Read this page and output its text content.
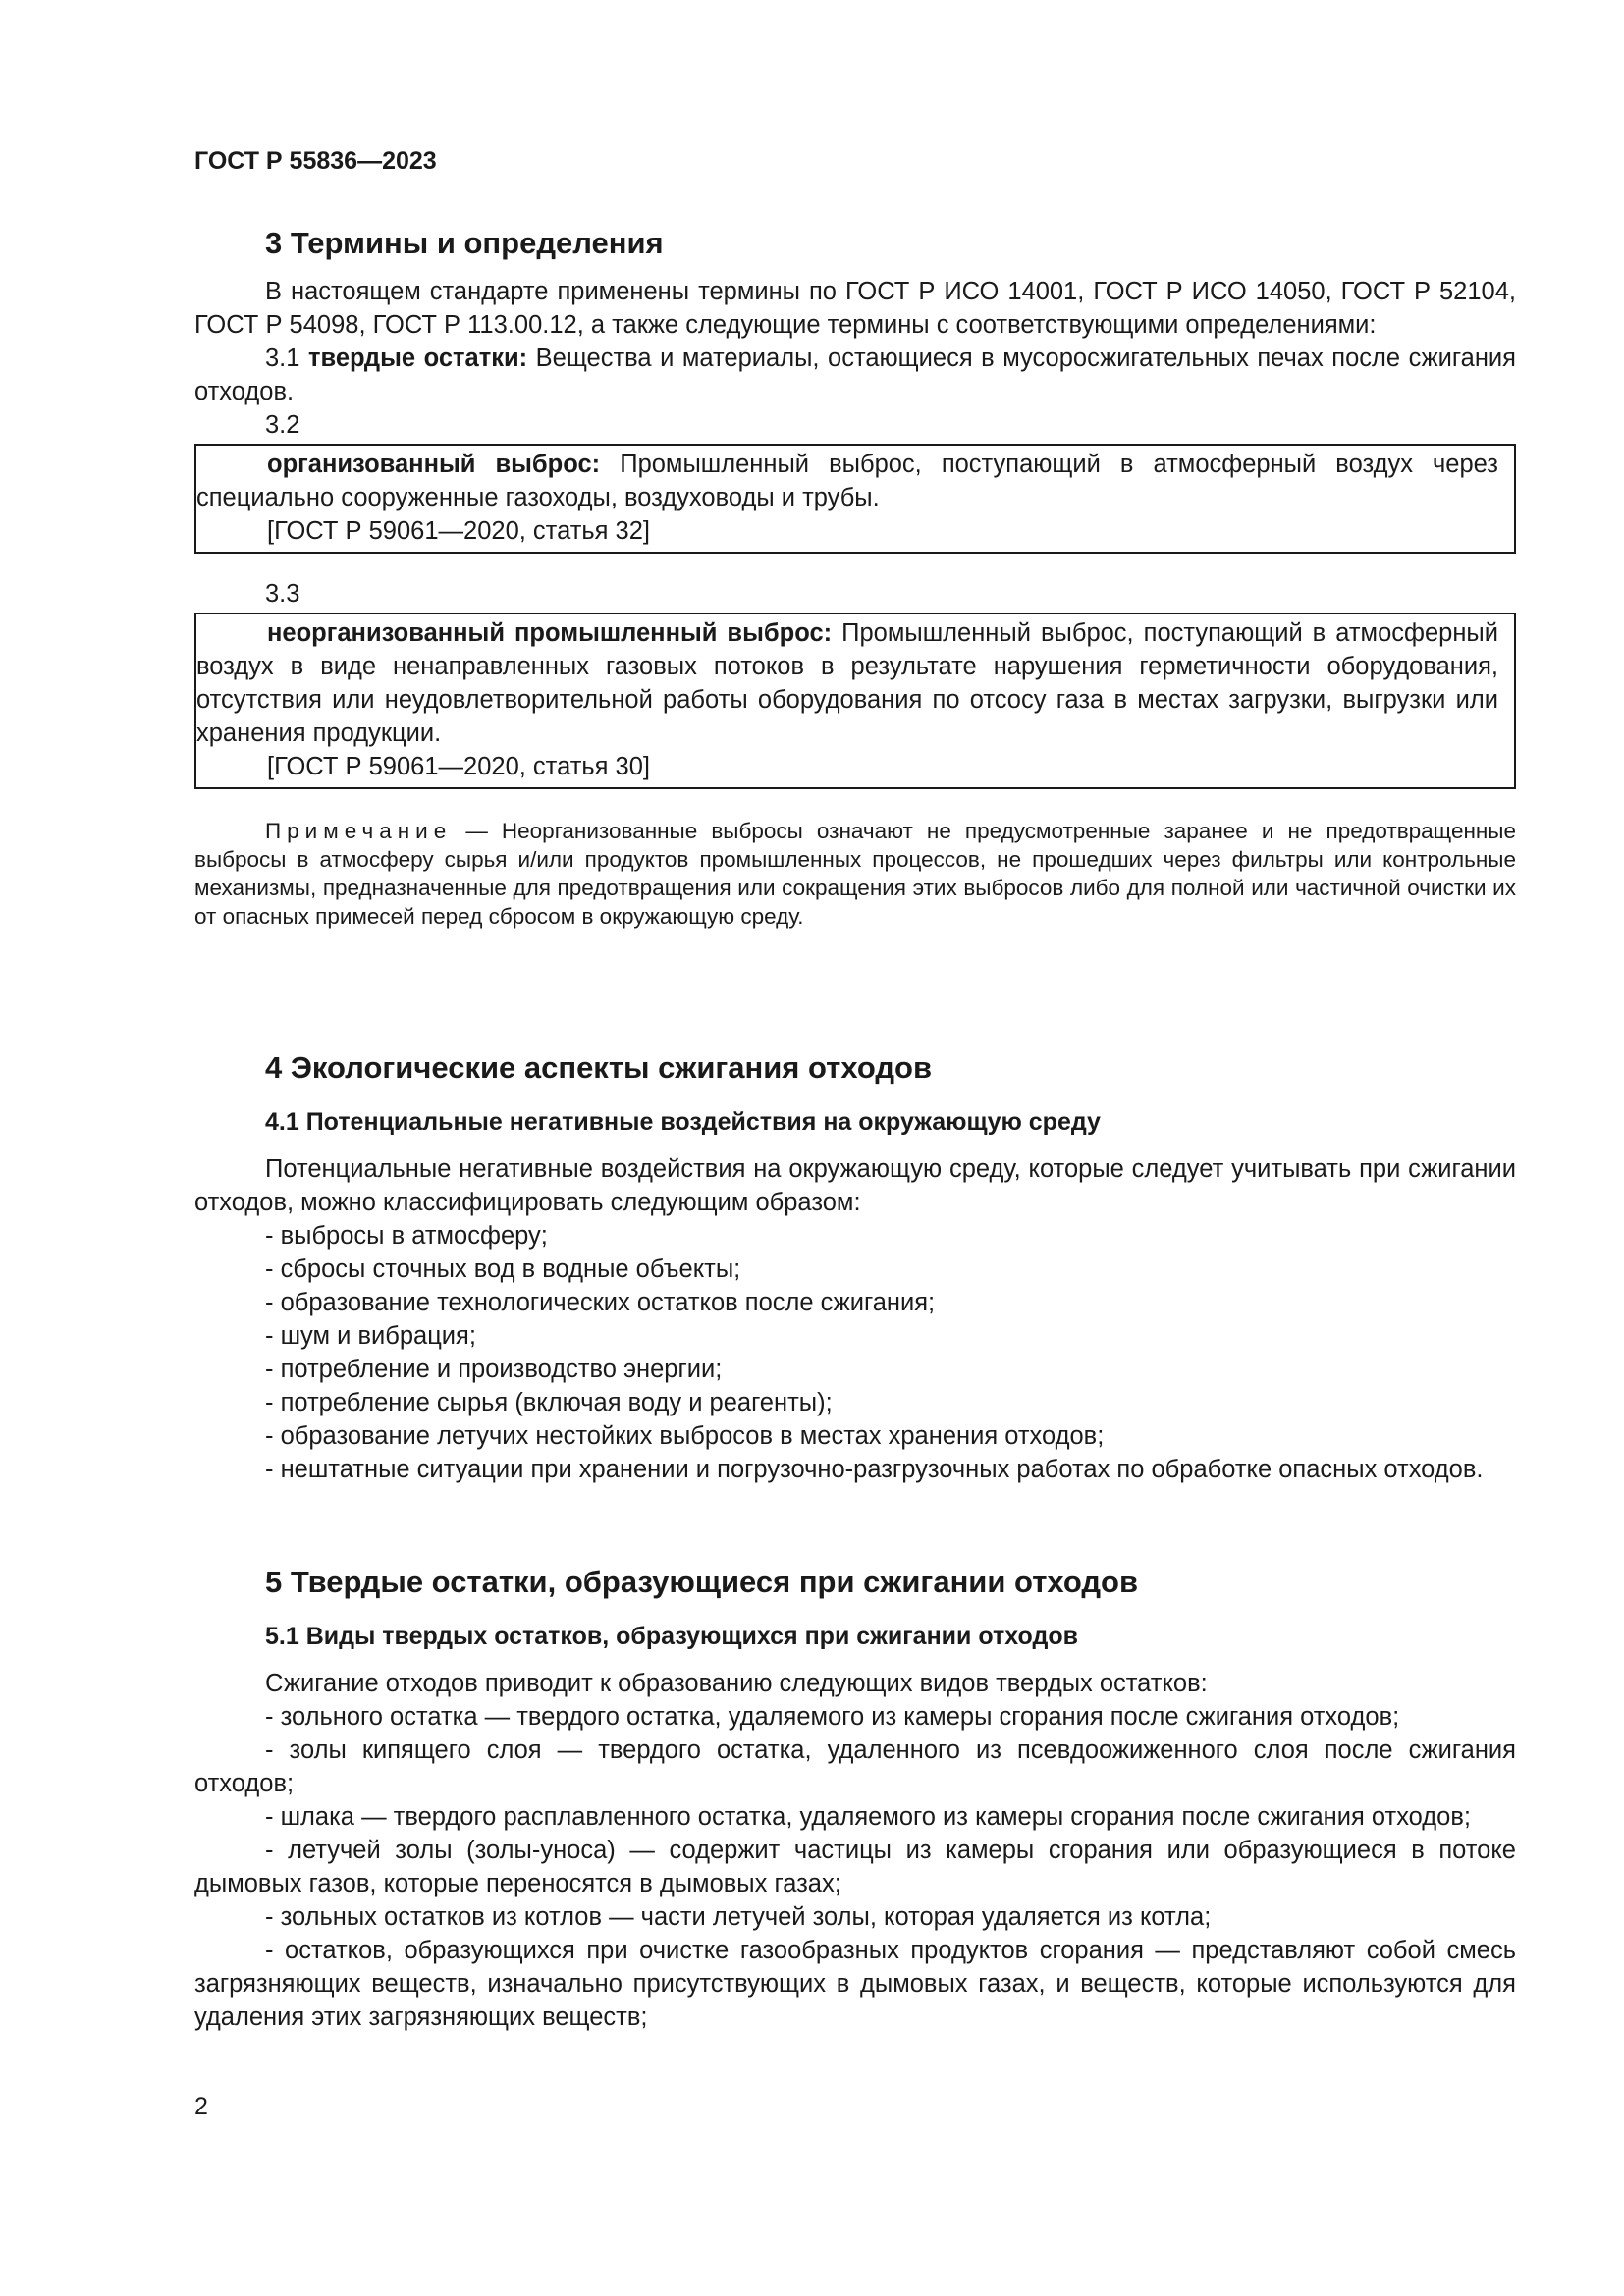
ГОСТ Р 55836—2023

3 Термины и определения

В настоящем стандарте применены термины по ГОСТ Р ИСО 14001, ГОСТ Р ИСО 14050, ГОСТ Р 52104, ГОСТ Р 54098, ГОСТ Р 113.00.12, а также следующие термины с соответствующими определениями:

3.1 твердые остатки: Вещества и материалы, остающиеся в мусоросжигательных печах после сжигания отходов.

3.2

организованный выброс: Промышленный выброс, поступающий в атмосферный воздух через специально сооруженные газоходы, воздуховоды и трубы.

[ГОСТ Р 59061—2020, статья 32]

3.3

неорганизованный промышленный выброс: Промышленный выброс, поступающий в атмосферный воздух в виде ненаправленных газовых потоков в результате нарушения герметичности оборудования, отсутствия или неудовлетворительной работы оборудования по отсосу газа в местах загрузки, выгрузки или хранения продукции.

[ГОСТ Р 59061—2020, статья 30]

Примечание — Неорганизованные выбросы означают не предусмотренные заранее и не предотвращенные выбросы в атмосферу сырья и/или продуктов промышленных процессов, не прошедших через фильтры или контрольные механизмы, предназначенные для предотвращения или сокращения этих выбросов либо для полной или частичной очистки их от опасных примесей перед сбросом в окружающую среду.

4 Экологические аспекты сжигания отходов

4.1 Потенциальные негативные воздействия на окружающую среду

Потенциальные негативные воздействия на окружающую среду, которые следует учитывать при сжигании отходов, можно классифицировать следующим образом:

- выбросы в атмосферу;

- сбросы сточных вод в водные объекты;

- образование технологических остатков после сжигания;

- шум и вибрация;

- потребление и производство энергии;

- потребление сырья (включая воду и реагенты);

- образование летучих нестойких выбросов в местах хранения отходов;

- нештатные ситуации при хранении и погрузочно-разгрузочных работах по обработке опасных отходов.

5 Твердые остатки, образующиеся при сжигании отходов

5.1 Виды твердых остатков, образующихся при сжигании отходов

Сжигание отходов приводит к образованию следующих видов твердых остатков:

- зольного остатка — твердого остатка, удаляемого из камеры сгорания после сжигания отходов;

- золы кипящего слоя — твердого остатка, удаленного из псевдоожиженного слоя после сжигания отходов;

- шлака — твердого расплавленного остатка, удаляемого из камеры сгорания после сжигания отходов;

- летучей золы (золы-уноса) — содержит частицы из камеры сгорания или образующиеся в потоке дымовых газов, которые переносятся в дымовых газах;

- зольных остатков из котлов — части летучей золы, которая удаляется из котла;

- остатков, образующихся при очистке газообразных продуктов сгорания — представляют собой смесь загрязняющих веществ, изначально присутствующих в дымовых газах, и веществ, которые используются для удаления этих загрязняющих веществ;

2
